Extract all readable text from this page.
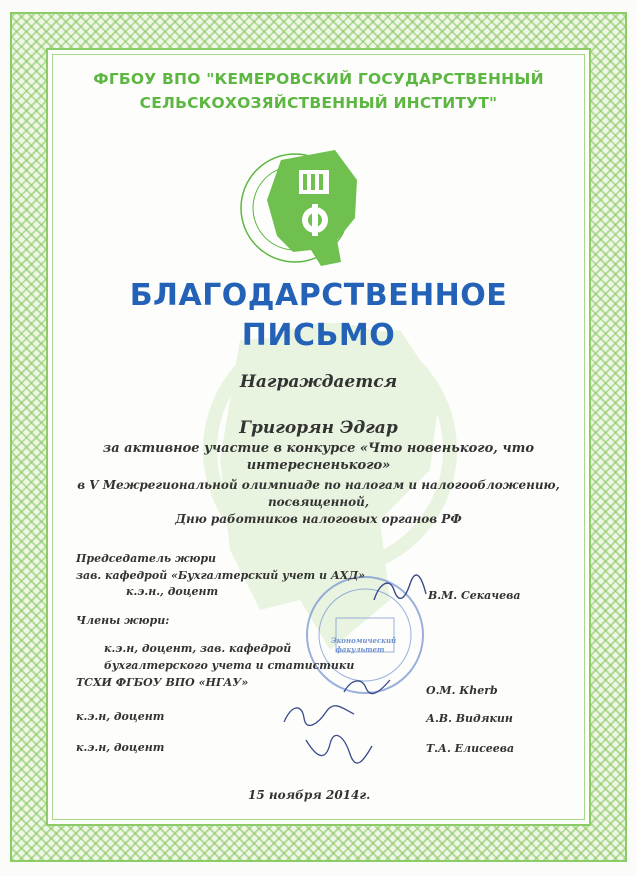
ФГБОУ ВПО "КЕМЕРОВСКИЙ ГОСУДАРСТВЕННЫЙ
СЕЛЬСКОХОЗЯЙСТВЕННЫЙ ИНСТИТУТ"
БЛАГОДАРСТВЕННОЕ
ПИСЬМО
Награждается
Григорян Эдгар
за активное участие в конкурсе «Что новенького, что
интересненького»
в V Межрегиональной олимпиаде по налогам и налогообложению,
посвященной,
Дню работников налоговых органов РФ
Экономический факультет
Председатель жюри
зав. кафедрой «Бухгалтерский учет и АХД»
к.э.н., доцент	В.М. Секачева
Члены жюри:
к.э.н, доцент, зав. кафедрой
бухгалтерского учета и статистики
ТСХИ ФГБОУ ВПО «НГАУ»
О.М. Кherb
к.э.н, доцент	А.В. Видякин
к.э.н, доцент	Т.А. Елисеева
15 ноября 2014г.
